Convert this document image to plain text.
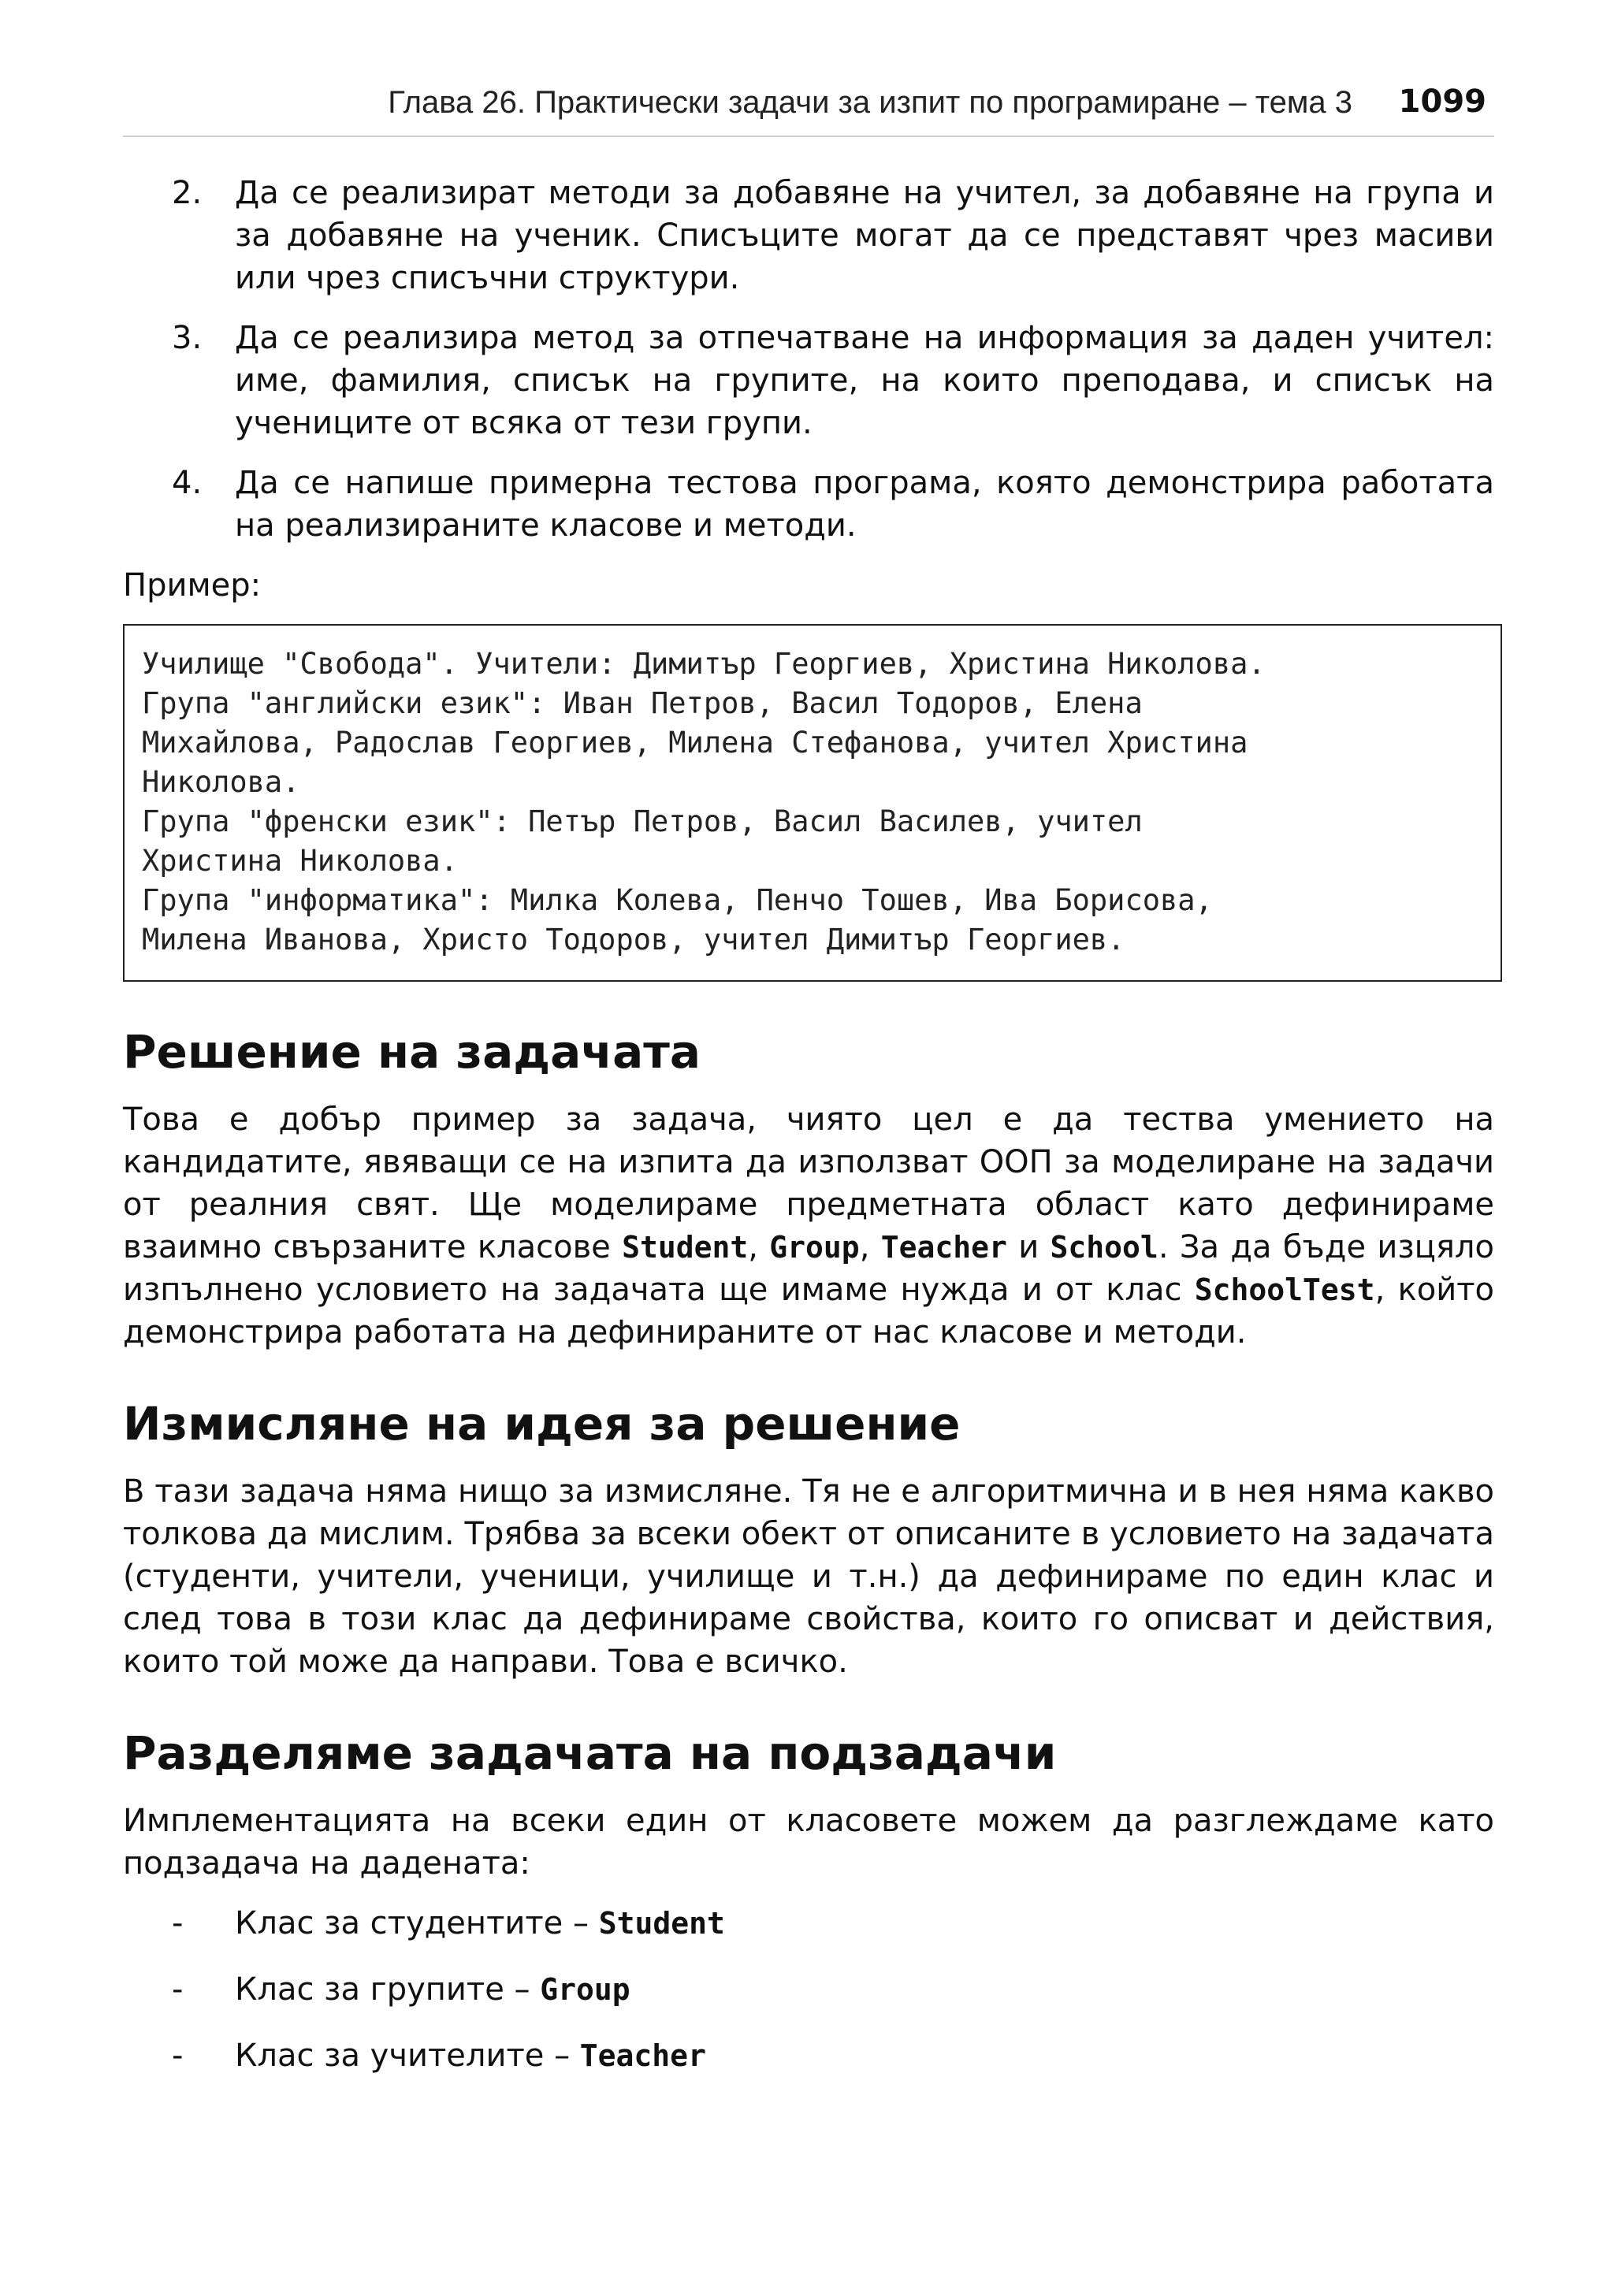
Глава 26. Практически задачи за изпит по програмиране – тема 3 1099
2. Да се реализират методи за добавяне на учител, за добавяне на група и за добавяне на ученик. Списъците могат да се представят чрез масиви или чрез списъчни структури.
3. Да се реализира метод за отпечатване на информация за даден учител: име, фамилия, списък на групите, на които преподава, и списък на учениците от всяка от тези групи.
4. Да се напише примерна тестова програма, която демонстрира работата на реализираните класове и методи.

Пример:

Училище "Свобода". Учители: Димитър Георгиев, Христина Николова.
Група "английски език": Иван Петров, Васил Тодоров, Елена
Михайлова, Радослав Георгиев, Милена Стефанова, учител Христина
Николова.
Група "френски език": Петър Петров, Васил Василев, учител
Христина Николова.
Група "информатика": Милка Колева, Пенчо Тошев, Ива Борисова,
Милена Иванова, Христо Тодоров, учител Димитър Георгиев.
Решение на задачата

Това е добър пример за задача, чиято цел е да тества умението на кандидатите, явяващи се на изпита да използват ООП за моделиране на задачи от реалния свят. Ще моделираме предметната област като дефинираме взаимно свързаните класове Student, Group, Teacher и School. За да бъде изцяло изпълнено условието на задачата ще имаме нужда и от клас SchoolTest, който демонстрира работата на дефинираните от нас класове и методи.

Измисляне на идея за решение

В тази задача няма нищо за измисляне. Тя не е алгоритмична и в нея няма какво толкова да мислим. Трябва за всеки обект от описаните в условието на задачата (студенти, учители, ученици, училище и т.н.) да дефинираме по един клас и след това в този клас да дефинираме свойства, които го описват и действия, които той може да направи. Това е всичко.

Разделяме задачата на подзадачи

Имплементацията на всеки един от класовете можем да разглеждаме като подзадача на дадената:

- Клас за студентите – Student
- Клас за групите – Group
- Клас за учителите – Teacher
